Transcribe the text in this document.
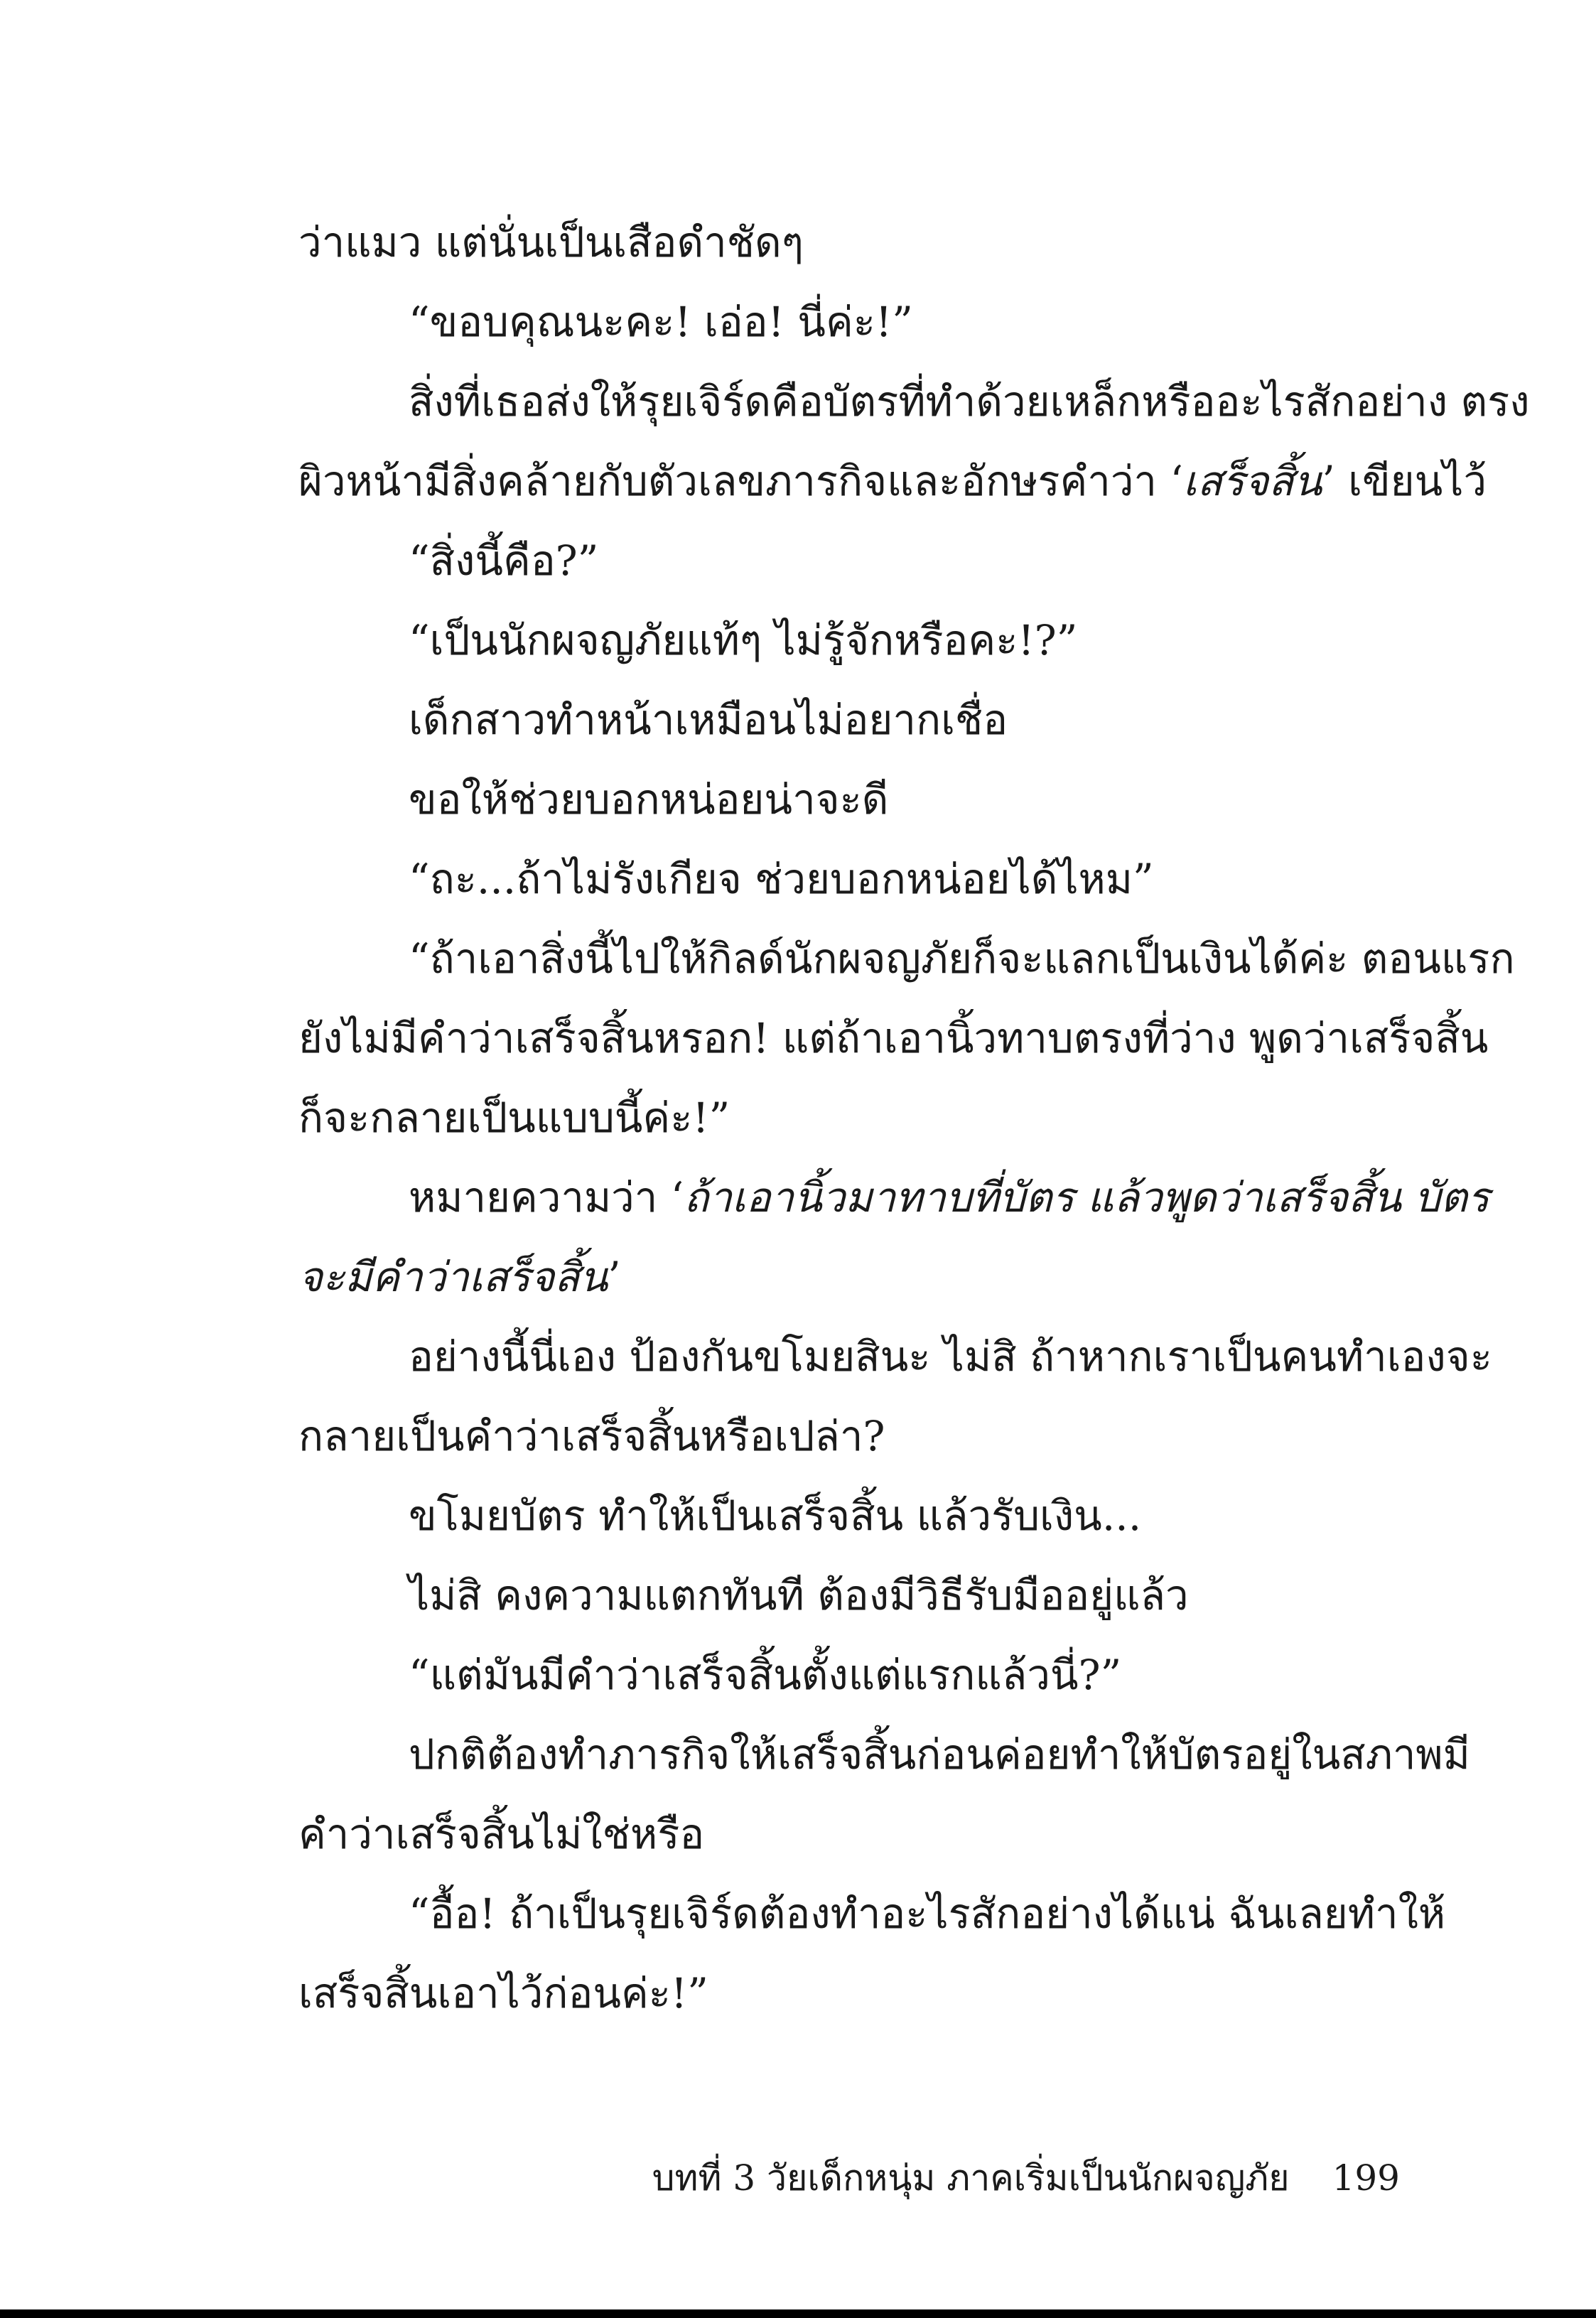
ว่าแมว แต่นั่นเป็นเสือดำชัดๆ
“ขอบคุณนะคะ! เอ่อ! นี่ค่ะ!”
สิ่งที่เธอส่งให้รุยเจิร์ดคือบัตรที่ทำด้วยเหล็กหรืออะไรสักอย่าง ตรง
ผิวหน้ามีสิ่งคล้ายกับตัวเลขภารกิจและอักษรคำว่า ‘เสร็จสิ้น’ เขียนไว้
“สิ่งนี้คือ?”
“เป็นนักผจญภัยแท้ๆ ไม่รู้จักหรือคะ!?”
เด็กสาวทำหน้าเหมือนไม่อยากเชื่อ
ขอให้ช่วยบอกหน่อยน่าจะดี
“ถะ...ถ้าไม่รังเกียจ ช่วยบอกหน่อยได้ไหม”
“ถ้าเอาสิ่งนี้ไปให้กิลด์นักผจญภัยก็จะแลกเป็นเงินได้ค่ะ ตอนแรก
ยังไม่มีคำว่าเสร็จสิ้นหรอก! แต่ถ้าเอานิ้วทาบตรงที่ว่าง พูดว่าเสร็จสิ้น
ก็จะกลายเป็นแบบนี้ค่ะ!”
หมายความว่า ‘ถ้าเอานิ้วมาทาบที่บัตร แล้วพูดว่าเสร็จสิ้น บัตร
จะมีคำว่าเสร็จสิ้น’
อย่างนี้นี่เอง ป้องกันขโมยสินะ ไม่สิ ถ้าหากเราเป็นคนทำเองจะ
กลายเป็นคำว่าเสร็จสิ้นหรือเปล่า?
ขโมยบัตร ทำให้เป็นเสร็จสิ้น แล้วรับเงิน...
ไม่สิ คงความแตกทันที ต้องมีวิธีรับมืออยู่แล้ว
“แต่มันมีคำว่าเสร็จสิ้นตั้งแต่แรกแล้วนี่?”
ปกติต้องทำภารกิจให้เสร็จสิ้นก่อนค่อยทำให้บัตรอยู่ในสภาพมี
คำว่าเสร็จสิ้นไม่ใช่หรือ
“อื้อ! ถ้าเป็นรุยเจิร์ดต้องทำอะไรสักอย่างได้แน่ ฉันเลยทำให้
เสร็จสิ้นเอาไว้ก่อนค่ะ!”
บทที่ 3 วัยเด็กหนุ่ม ภาคเริ่มเป็นนักผจญภัย 199
